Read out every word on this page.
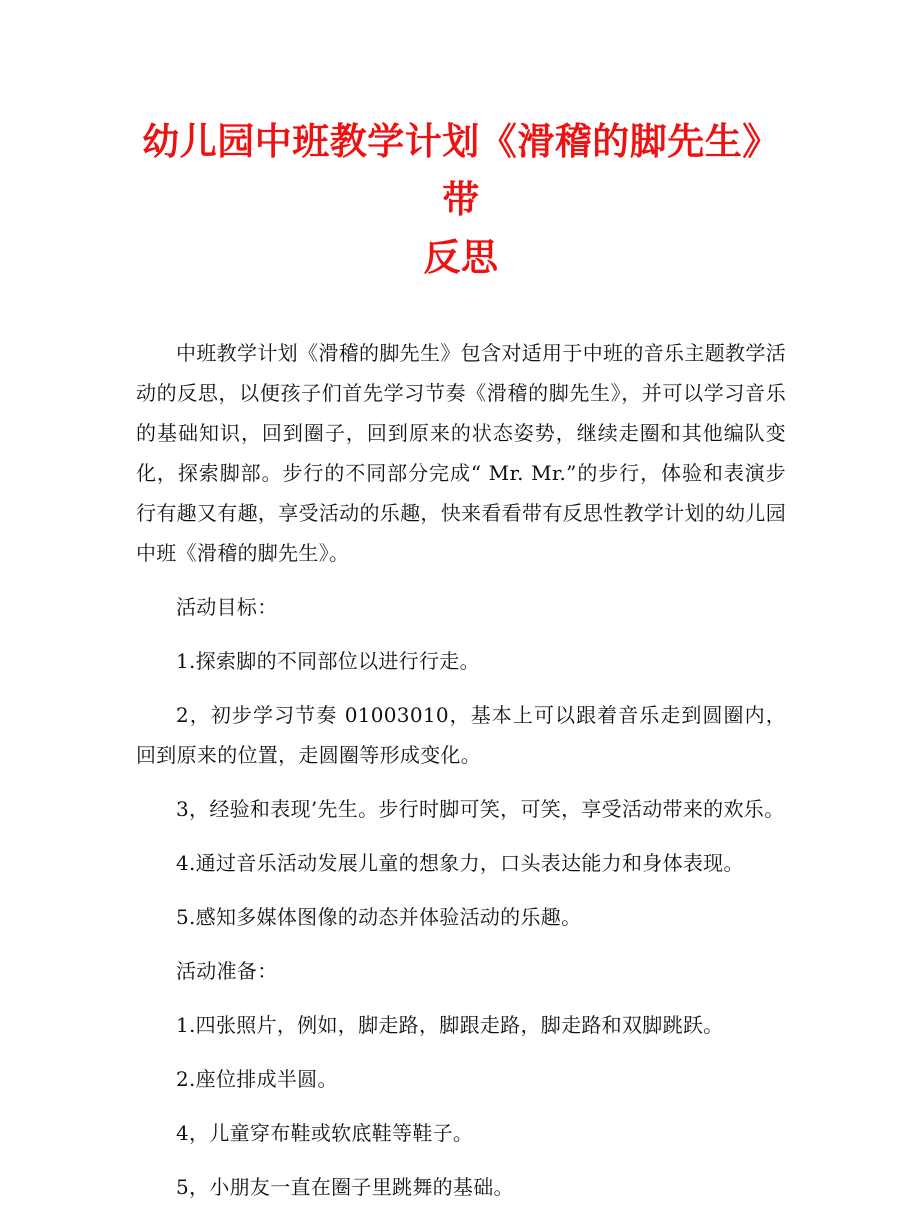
幼儿园中班教学计划《滑稽的脚先生》带
反思

中班教学计划《滑稽的脚先生》包含对适用于中班的音乐主题教学活动的反思，以便孩子们首先学习节奏《滑稽的脚先生》，并可以学习音乐的基础知识，回到圈子，回到原来的状态姿势，继续走圈和其他编队变化，探索脚部。步行的不同部分完成“ Mr. Mr.”的步行，体验和表演步行有趣又有趣，享受活动的乐趣，快来看看带有反思性教学计划的幼儿园中班《滑稽的脚先生》。

活动目标：

1.探索脚的不同部位以进行行走。

2，初步学习节奏 01003010，基本上可以跟着音乐走到圆圈内，回到原来的位置，走圆圈等形成变化。

3，经验和表现’先生。步行时脚可笑，可笑，享受活动带来的欢乐。

4.通过音乐活动发展儿童的想象力，口头表达能力和身体表现。

5.感知多媒体图像的动态并体验活动的乐趣。

活动准备：

1.四张照片，例如，脚走路，脚跟走路，脚走路和双脚跳跃。

2.座位排成半圆。

4，儿童穿布鞋或软底鞋等鞋子。

5，小朋友一直在圈子里跳舞的基础。
